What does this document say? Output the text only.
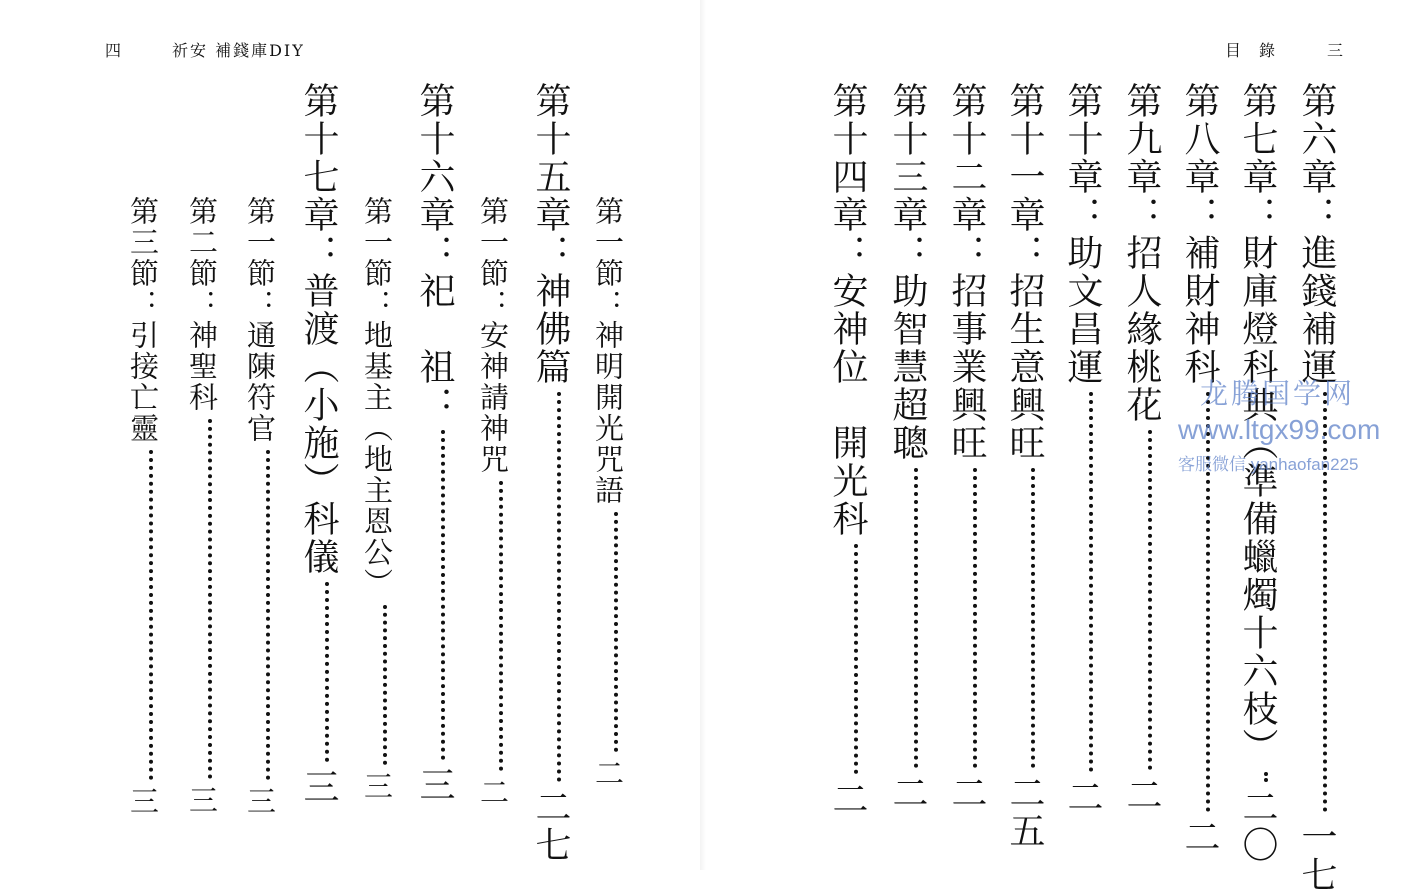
四	祈安 補錢庫DIY
第一節：神明開光咒語二
第十五章：神佛篇二七
第一節：安神請神咒二
第十六章：祀　祖：三
第一節：地基主（地主恩公）三
第十七章：普渡（小施）科儀三
第一節：通陳符官三
第二節：神聖科三
第三節：引接亡靈三
目錄 三
第六章：進錢補運一七
第七章：財庫燈科典（準備蠟燭十六枝）二〇
第八章：補財神科二
第九章：招人緣桃花二
第十章：助文昌運二
第十一章：招生意興旺二五
第十二章：招事業興旺二
第十三章：助智慧超聰二
第十四章：安神位　開光科二
龙腾国学网
www.ltgx99.com
客服微信 yanhaofan225
